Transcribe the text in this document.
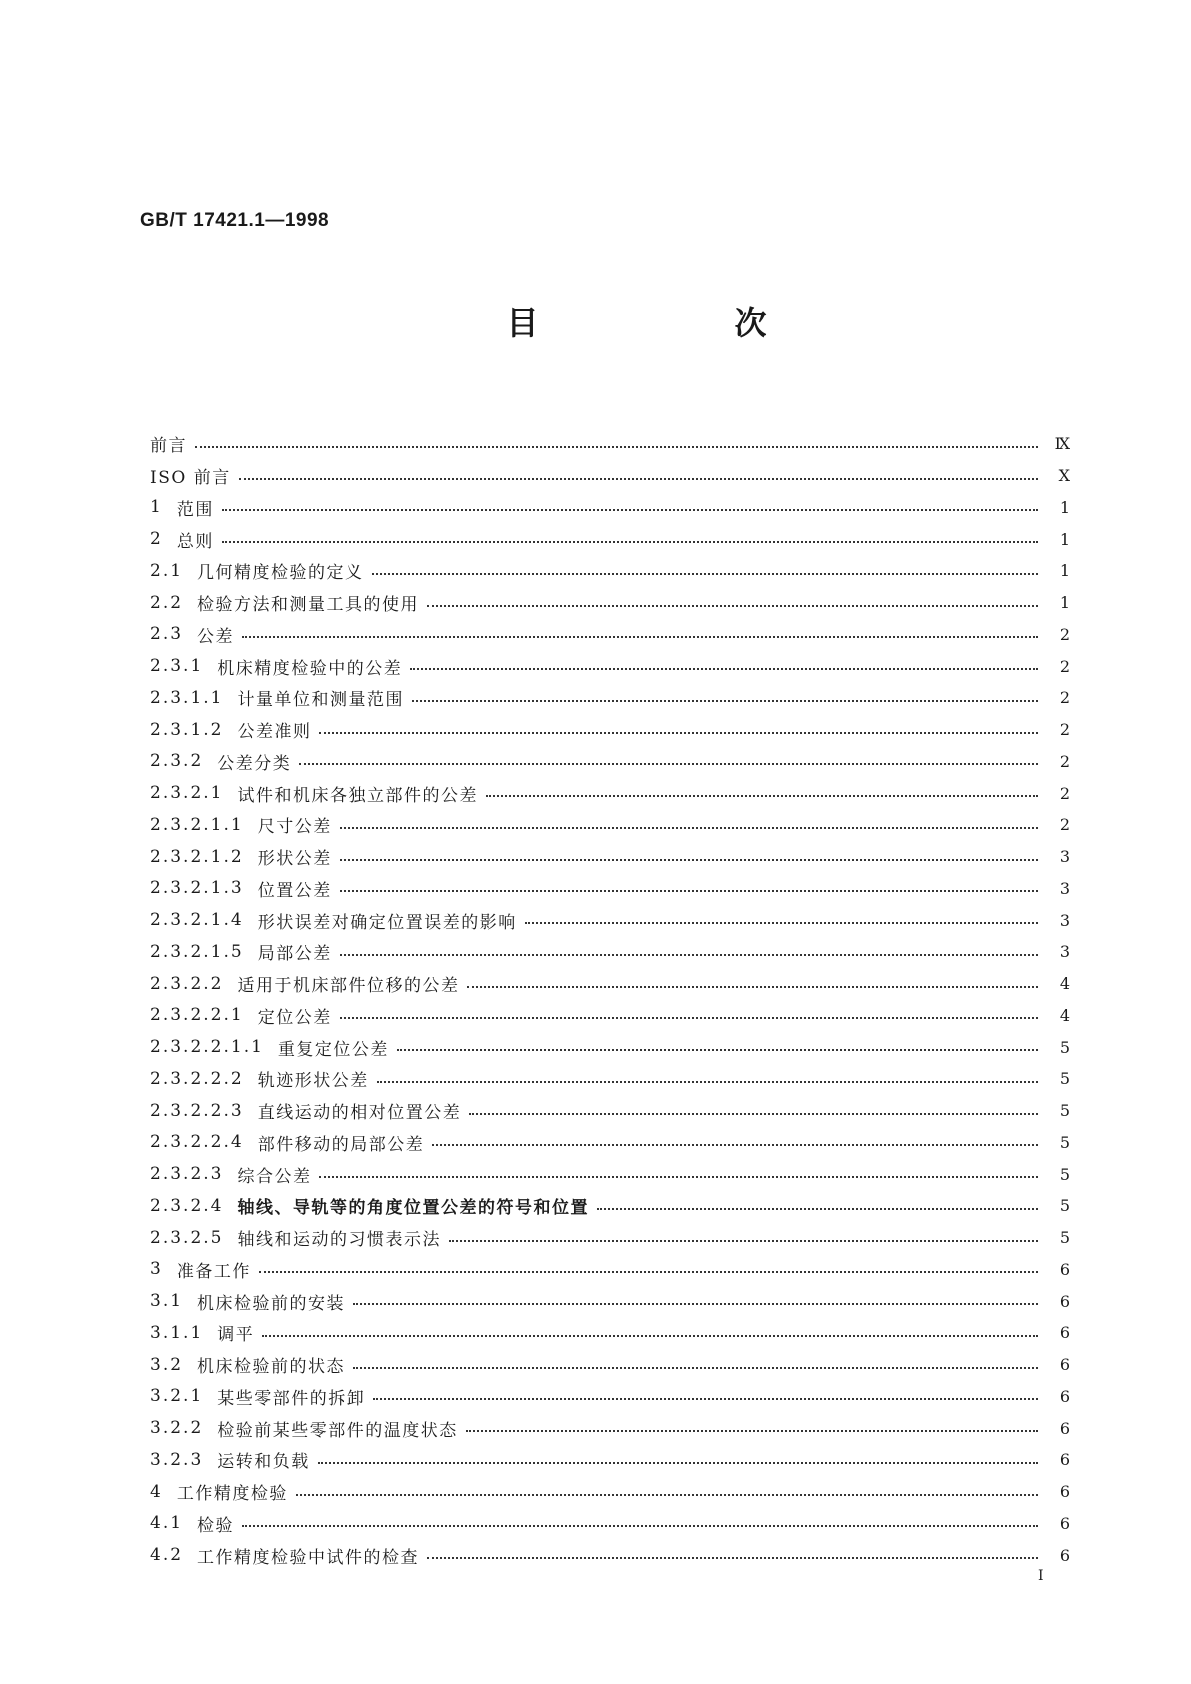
GB/T 17421.1—1998
目　次
前言	Ⅸ
ISO 前言	X
1 范围	1
2 总则	1
2.1 几何精度检验的定义	1
2.2 检验方法和测量工具的使用	1
2.3 公差	2
2.3.1 机床精度检验中的公差	2
2.3.1.1 计量单位和测量范围	2
2.3.1.2 公差准则	2
2.3.2 公差分类	2
2.3.2.1 试件和机床各独立部件的公差	2
2.3.2.1.1 尺寸公差	2
2.3.2.1.2 形状公差	3
2.3.2.1.3 位置公差	3
2.3.2.1.4 形状误差对确定位置误差的影响	3
2.3.2.1.5 局部公差	3
2.3.2.2 适用于机床部件位移的公差	4
2.3.2.2.1 定位公差	4
2.3.2.2.1.1 重复定位公差	5
2.3.2.2.2 轨迹形状公差	5
2.3.2.2.3 直线运动的相对位置公差	5
2.3.2.2.4 部件移动的局部公差	5
2.3.2.3 综合公差	5
2.3.2.4 轴线、导轨等的角度位置公差的符号和位置	5
2.3.2.5 轴线和运动的习惯表示法	5
3 准备工作	6
3.1 机床检验前的安装	6
3.1.1 调平	6
3.2 机床检验前的状态	6
3.2.1 某些零部件的拆卸	6
3.2.2 检验前某些零部件的温度状态	6
3.2.3 运转和负载	6
4 工作精度检验	6
4.1 检验	6
4.2 工作精度检验中试件的检查	6
I
